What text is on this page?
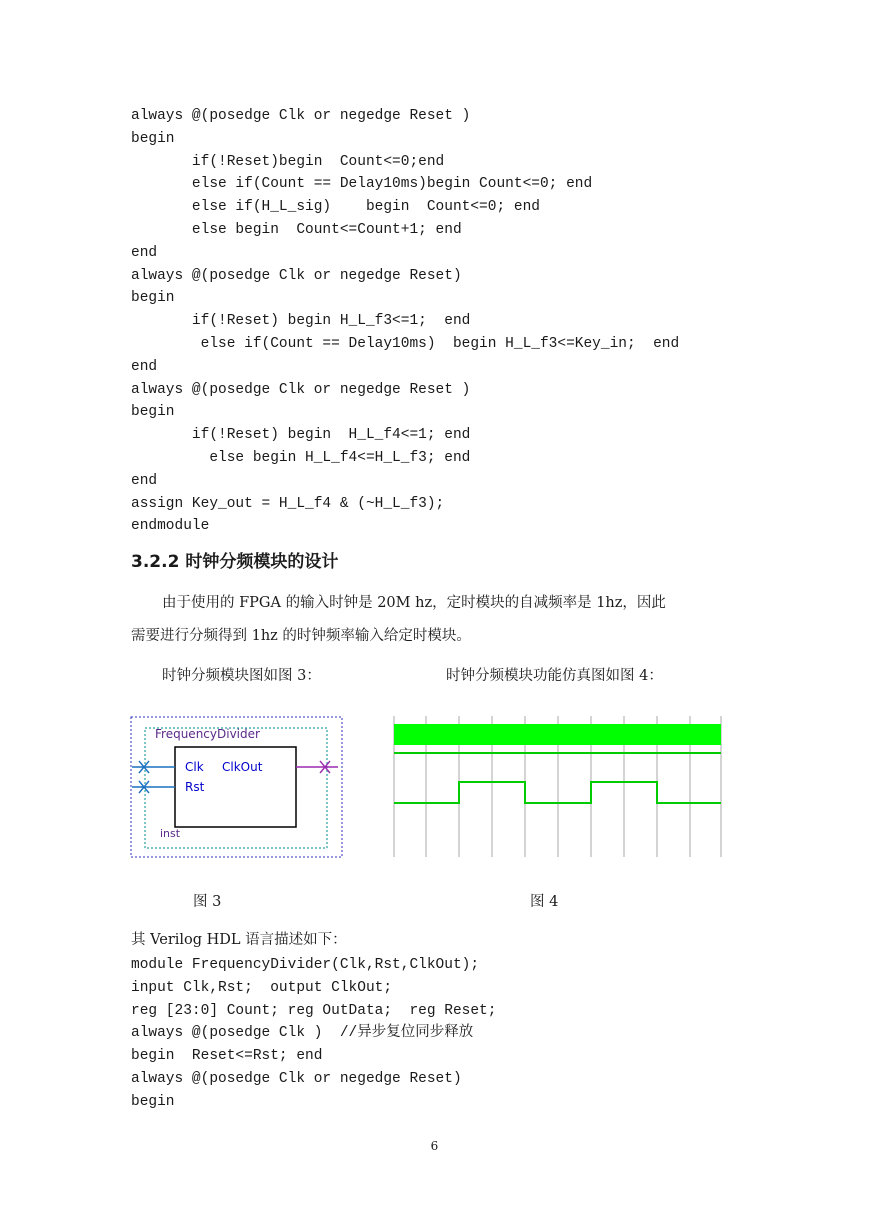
always @(posedge Clk or negedge Reset )
begin
if(!Reset)begin  Count<=0;end
else if(Count == Delay10ms)begin Count<=0; end
else if(H_L_sig)    begin  Count<=0; end
else begin  Count<=Count+1; end
end
always @(posedge Clk or negedge Reset)
begin
if(!Reset) begin H_L_f3<=1;  end
else if(Count == Delay10ms)  begin H_L_f3<=Key_in;  end
end
always @(posedge Clk or negedge Reset )
begin
if(!Reset) begin  H_L_f4<=1; end
else begin H_L_f4<=H_L_f3; end
end
assign Key_out = H_L_f4 & (~H_L_f3);
endmodule
3.2.2 时钟分频模块的设计
由于使用的 FPGA 的输入时钟是 20M hz，定时模块的自减频率是 1hz，因此
需要进行分频得到 1hz 的时钟频率输入给定时模块。
时钟分频模块图如图 3：	时钟分频模块功能仿真图如图 4：
FrequencyDivider
Clk
Rst
ClkOut
inst
图 3	图 4
其 Verilog HDL 语言描述如下：
module FrequencyDivider(Clk,Rst,ClkOut);
input Clk,Rst;  output ClkOut;
reg [23:0] Count; reg OutData;  reg Reset;
always @(posedge Clk )  //异步复位同步释放
begin  Reset<=Rst; end
always @(posedge Clk or negedge Reset)
begin
6
